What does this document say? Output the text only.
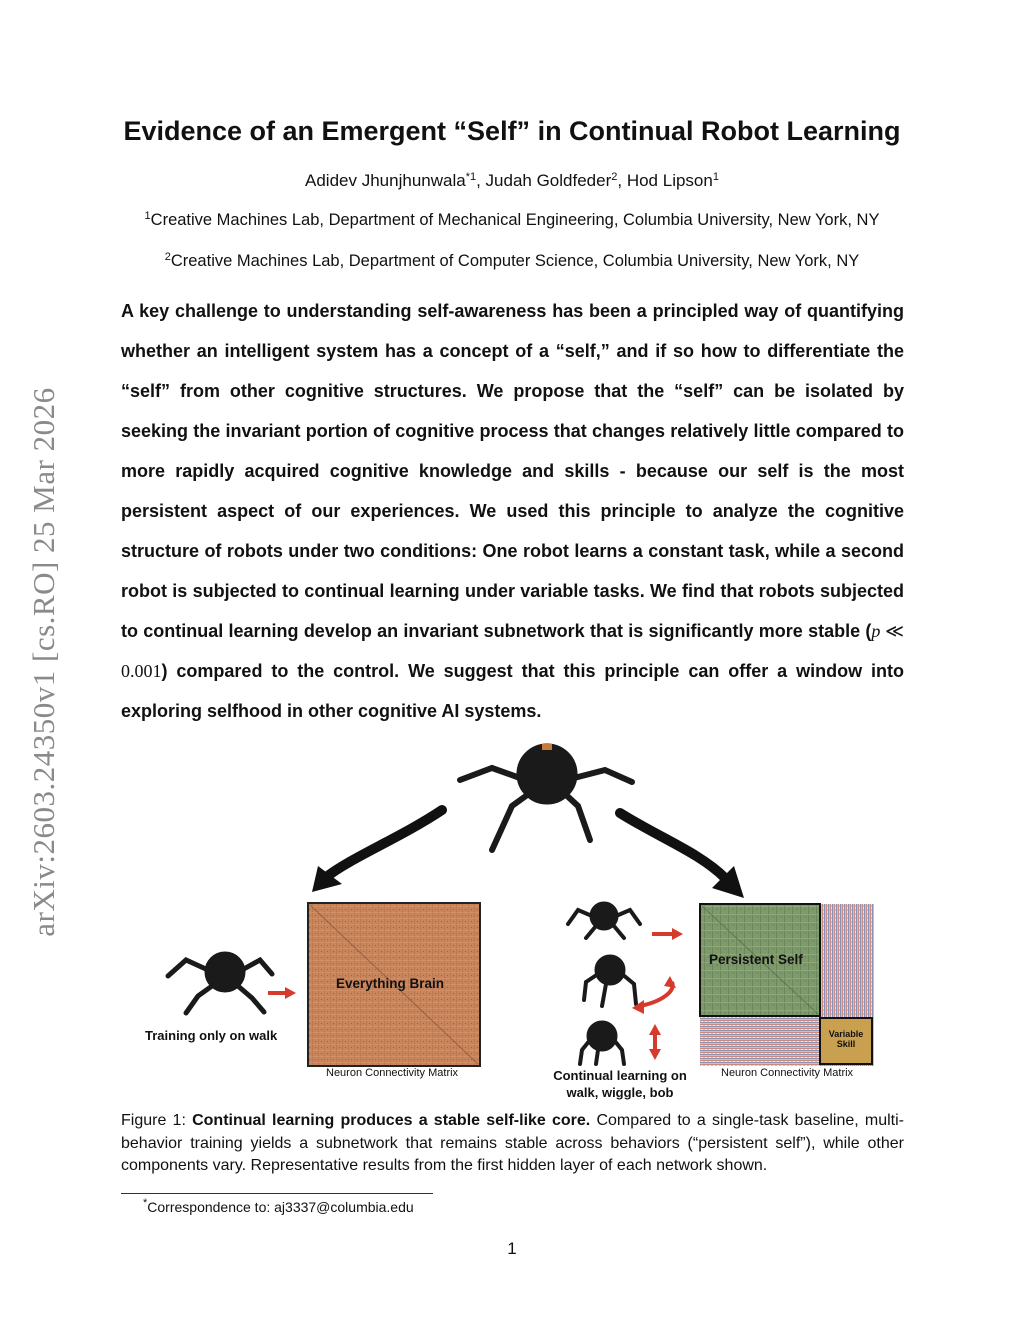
arXiv:2603.24350v1 [cs.RO] 25 Mar 2026
Evidence of an Emergent “Self” in Continual Robot Learning
Adidev Jhunjhunwala$^{*1}$, Judah Goldfeder$^2$, Hod Lipson$^1$
$^1$Creative Machines Lab, Department of Mechanical Engineering, Columbia University, New York, NY
$^2$Creative Machines Lab, Department of Computer Science, Columbia University, New York, NY
A key challenge to understanding self-awareness has been a principled way of quantifying whether an intelligent system has a concept of a “self,” and if so how to differentiate the “self” from other cognitive structures. We propose that the “self” can be isolated by seeking the invariant portion of cognitive process that changes relatively little compared to more rapidly acquired cognitive knowledge and skills - because our self is the most persistent aspect of our experiences. We used this principle to analyze the cognitive structure of robots under two conditions: One robot learns a constant task, while a second robot is subjected to continual learning under variable tasks. We find that robots subjected to continual learning develop an invariant subnetwork that is significantly more stable (p ≪ 0.001) compared to the control. We suggest that this principle can offer a window into exploring selfhood in other cognitive AI systems.
Everything Brain
Neuron Connectivity Matrix
Training only on walk
Persistent Self
Variable
Skill
Neuron Connectivity Matrix
Continual learning on
walk, wiggle, bob
Figure 1: Continual learning produces a stable self-like core. Compared to a single-task baseline, multi-behavior training yields a subnetwork that remains stable across behaviors (“persistent self”), while other components vary. Representative results from the first hidden layer of each network shown.
*Correspondence to: aj3337@columbia.edu
1
